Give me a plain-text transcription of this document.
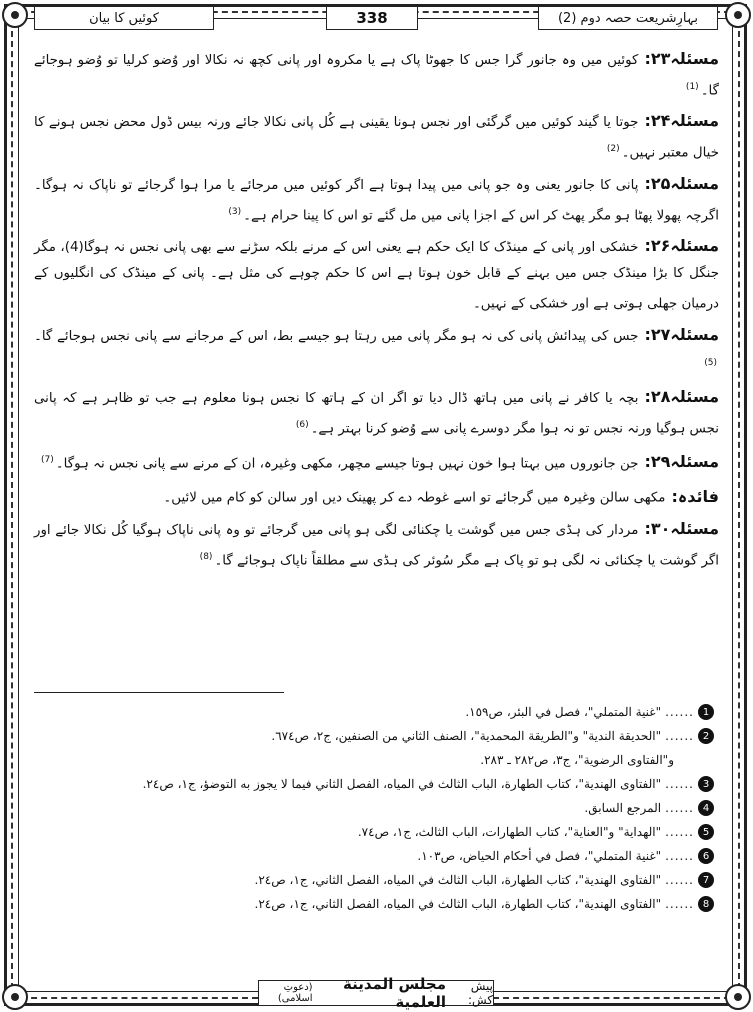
بہارِشریعت حصہ دوم (2)
338
کوئیں کا بیان

مسئلہ۲۳:کوئیں میں وہ جانور گرا جس کا جھوٹا پاک ہے یا مکروہ اور پانی کچھ نہ نکالا اور وُضو کرلیا تو وُضو ہوجائے گا۔$^{(1)}$

مسئلہ۲۴:جوتا یا گیند کوئیں میں گرگئی اور نجس ہونا یقینی ہے کُل پانی نکالا جائے ورنہ بیس ڈول محض نجس ہونے کا خیال معتبر نہیں۔$^{(2)}$

مسئلہ۲۵:پانی کا جانور یعنی وہ جو پانی میں پیدا ہوتا ہے اگر کوئیں میں مرجائے یا مرا ہوا گرجائے تو ناپاک نہ ہوگا۔ اگرچہ پھولا پھٹا ہو مگر پھٹ کر اس کے اجزا پانی میں مل گئے تو اس کا پینا حرام ہے۔$^{(3)}$

مسئلہ۲۶:خشکی اور پانی کے مینڈک کا ایک حکم ہے یعنی اس کے مرنے بلکہ سڑنے سے بھی پانی نجس نہ ہوگا(4)، مگر جنگل کا بڑا مینڈک جس میں بہنے کے قابل خون ہوتا ہے اس کا حکم چوہے کی مثل ہے۔ پانی کے مینڈک کی انگلیوں کے درمیان جھلی ہوتی ہے اور خشکی کے نہیں۔

مسئلہ۲۷:جس کی پیدائش پانی کی نہ ہو مگر پانی میں رہتا ہو جیسے بط، اس کے مرجانے سے پانی نجس ہوجائے گا۔$^{(5)}$

مسئلہ۲۸:بچہ یا کافر نے پانی میں ہاتھ ڈال دیا تو اگر ان کے ہاتھ کا نجس ہونا معلوم ہے جب تو ظاہر ہے کہ پانی نجس ہوگیا ورنہ نجس تو نہ ہوا مگر دوسرے پانی سے وُضو کرنا بہتر ہے۔$^{(6)}$

مسئلہ۲۹:جن جانوروں میں بہتا ہوا خون نہیں ہوتا جیسے مچھر، مکھی وغیرہ، ان کے مرنے سے پانی نجس نہ ہوگا۔$^{(7)}$

فائدہ:مکھی سالن وغیرہ میں گرجائے تو اسے غوطہ دے کر پھینک دیں اور سالن کو کام میں لائیں۔

مسئلہ۳۰:مردار کی ہڈی جس میں گوشت یا چکنائی لگی ہو پانی میں گرجائے تو وہ پانی ناپاک ہوگیا کُل نکالا جائے اور اگر گوشت یا چکنائی نہ لگی ہو تو پاک ہے مگر سُوئر کی ہڈی سے مطلقاً ناپاک ہوجائے گا۔$^{(8)}$

1
......
"غنية المتملي"، فصل في البئر، ص١٥٩.
2
......
"الحديقة الندية" و"الطريقة المحمدية"، الصنف الثاني من الصنفين، ج٢، ص٦٧٤.
و"الفتاوى الرضوية"، ج٣، ص٢٨٢ ـ ٢٨٣.
3
......
"الفتاوى الهندية"، كتاب الطهارة، الباب الثالث في المياه، الفصل الثاني فيما لا يجوز به التوضؤ، ج١، ص٢٤.
4
......
المرجع السابق.
5
......
"الهداية" و"العناية"، كتاب الطهارات، الباب الثالث، ج١، ص٧٤.
6
......
"غنية المتملي"، فصل في أحكام الحياض، ص١٠٣.
7
......
"الفتاوى الهندية"، كتاب الطهارة، الباب الثالث في المياه، الفصل الثاني، ج١، ص٢٤.
8
......
"الفتاوى الهندية"، كتاب الطهارة، الباب الثالث في المياه، الفصل الثاني، ج١، ص٢٤.
پیش کش:
مجلس المدينة العلمية
(دعوتِ اسلامی)
